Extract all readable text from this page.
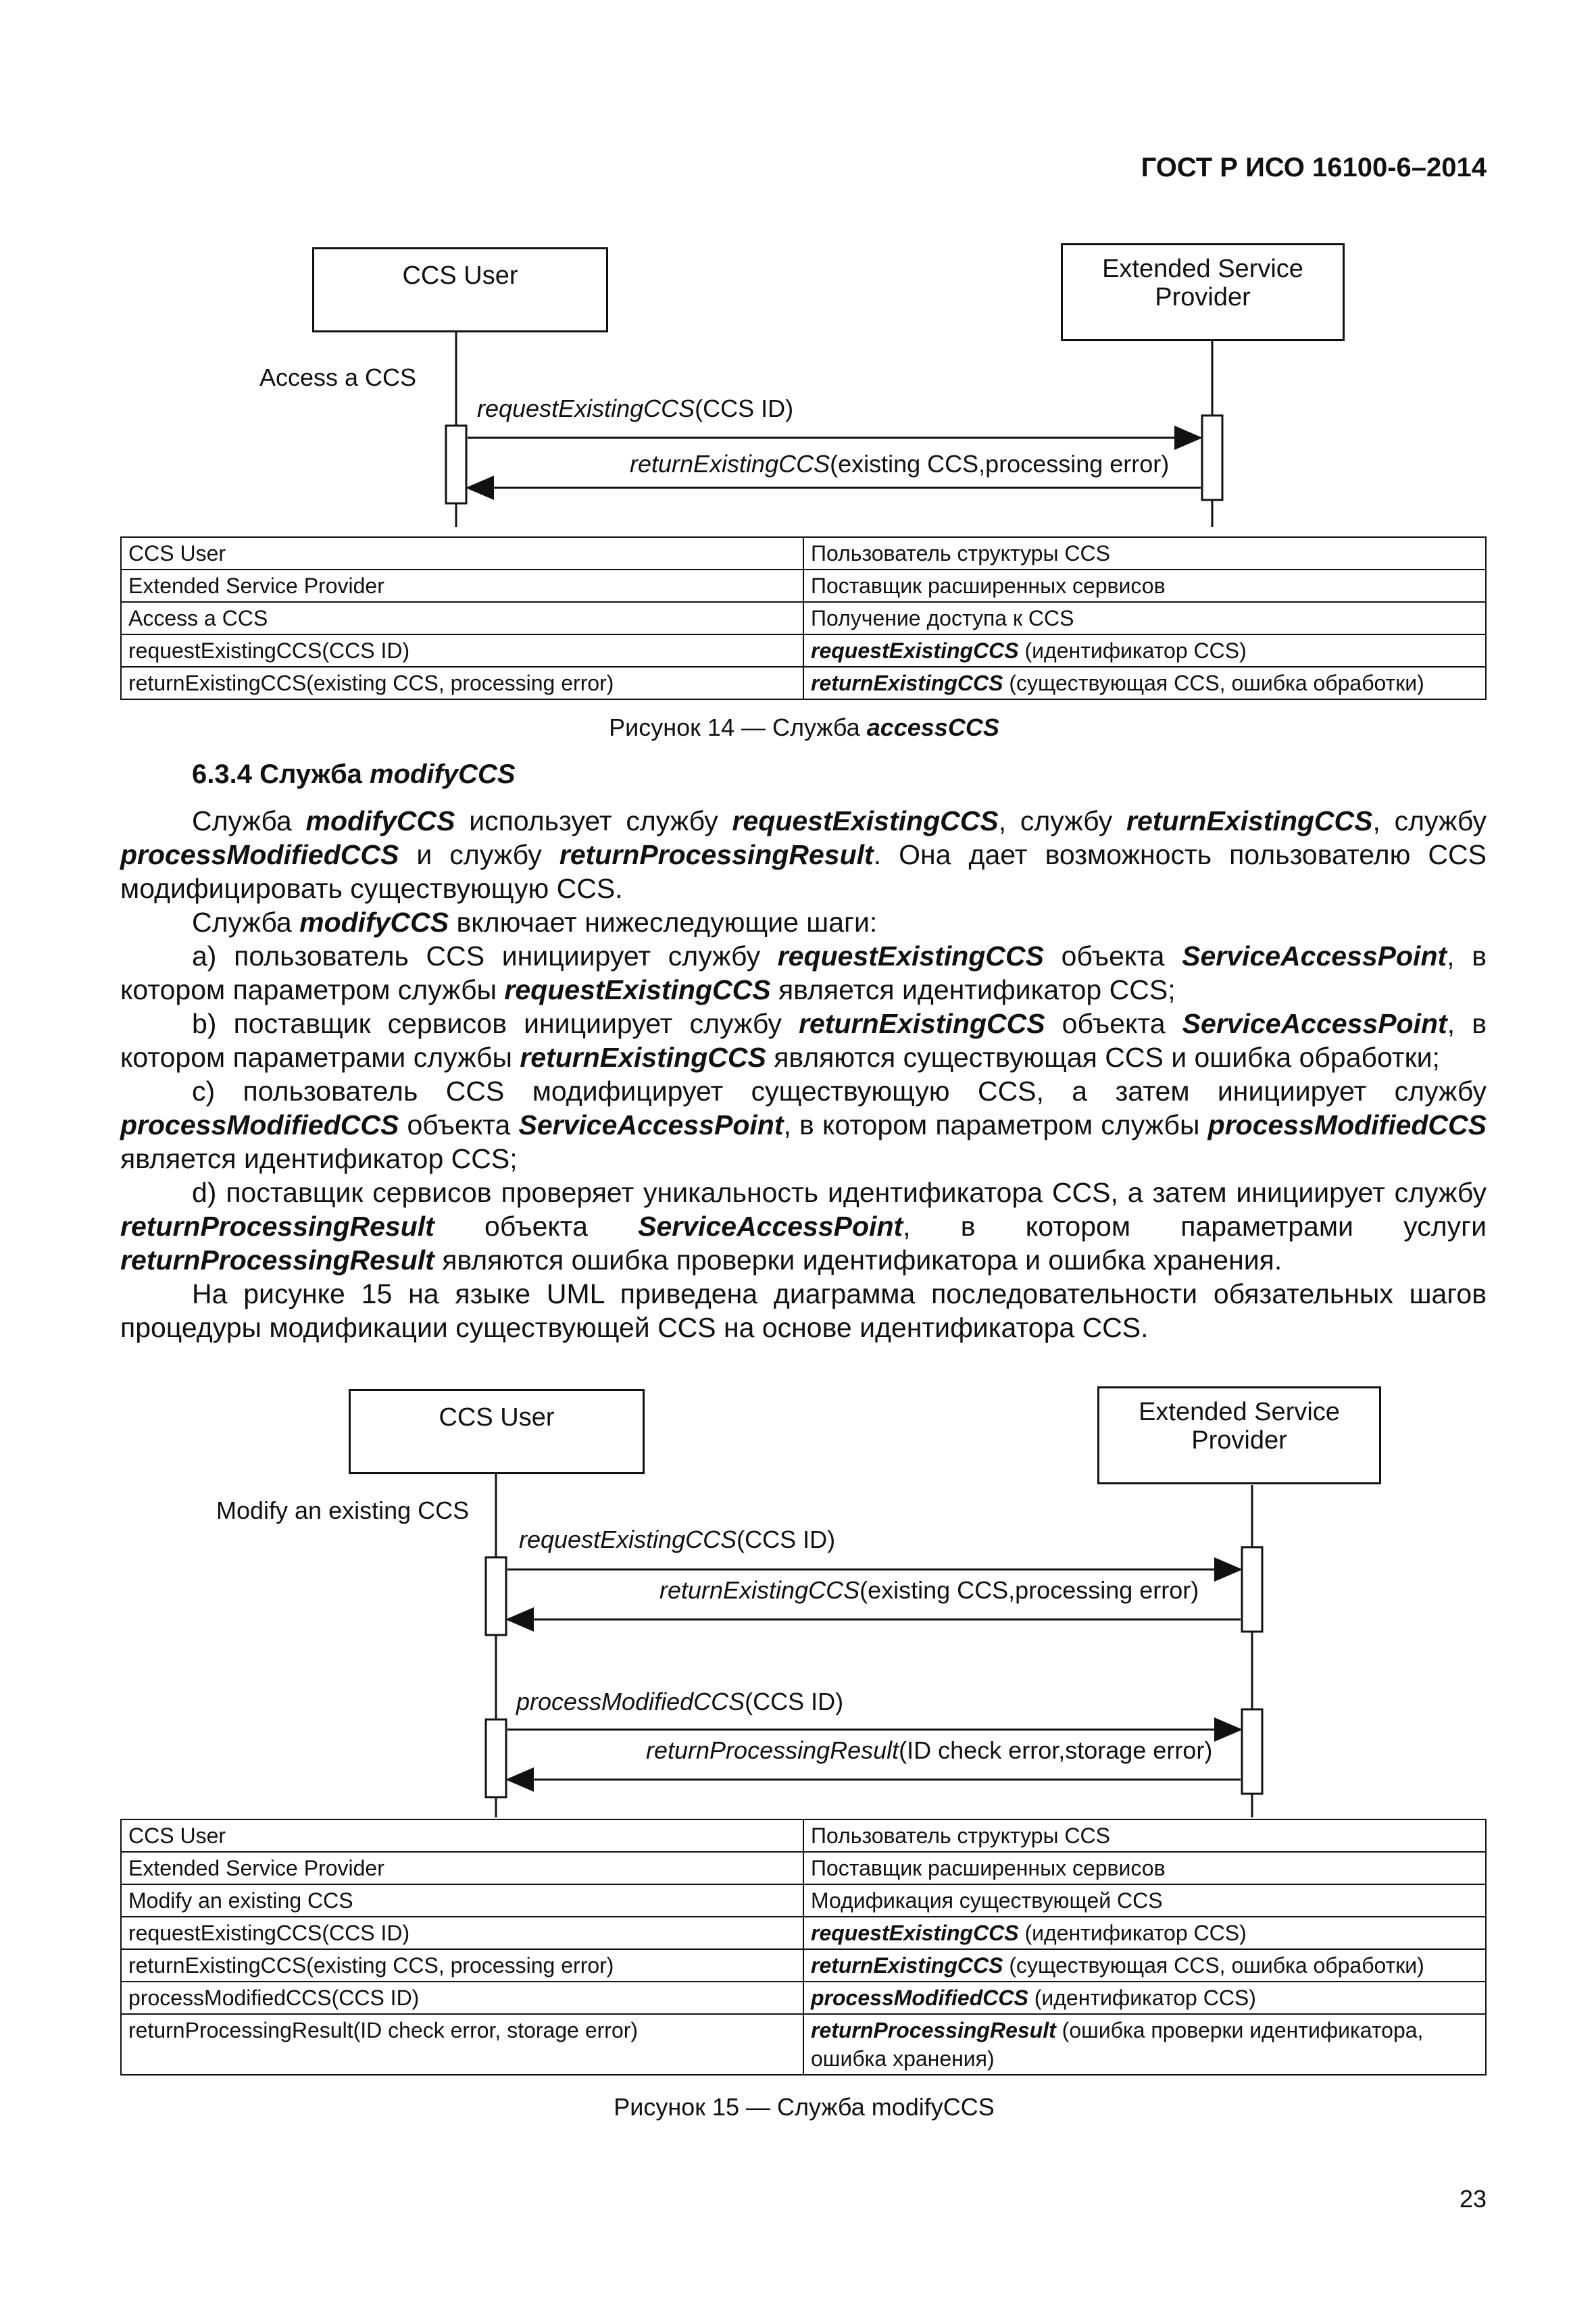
ГОСТ Р ИСО 16100-6–2014
CCS User	Extended Service Provider
Access a CCS
requestExistingCCS(CCS ID)
returnExistingCCS(existing CCS,processing error)
CCS User	Пользователь структуры CCS
Extended Service Provider	Поставщик расширенных сервисов
Access a CCS	Получение доступа к CCS
requestExistingCCS(CCS ID)	requestExistingCCS (идентификатор CCS)
returnExistingCCS(existing CCS, processing error)	returnExistingCCS (существующая CCS, ошибка обработки)
Рисунок 14 — Служба accessCCS
6.3.4 Служба modifyCCS
Служба modifyCCS использует службу requestExistingCCS, службу returnExistingCCS, службу processModifiedCCS и службу returnProcessingResult. Она дает возможность пользователю CCS модифицировать существующую CCS.
Служба modifyCCS включает нижеследующие шаги:
a) пользователь CCS инициирует службу requestExistingCCS объекта ServiceAccessPoint, в котором параметром службы requestExistingCCS является идентификатор CCS;
b) поставщик сервисов инициирует службу returnExistingCCS объекта ServiceAccessPoint, в котором параметрами службы returnExistingCCS являются существующая CCS и ошибка обработки;
c) пользователь CCS модифицирует существующую CCS, а затем инициирует службу processModifiedCCS объекта ServiceAccessPoint, в котором параметром службы processModifiedCCS является идентификатор CCS;
d) поставщик сервисов проверяет уникальность идентификатора CCS, а затем инициирует службу returnProcessingResult объекта ServiceAccessPoint, в котором параметрами услуги returnProcessingResult являются ошибка проверки идентификатора и ошибка хранения.
На рисунке 15 на языке UML приведена диаграмма последовательности обязательных шагов процедуры модификации существующей CCS на основе идентификатора CCS.
CCS User	Extended Service Provider
Modify an existing CCS
requestExistingCCS(CCS ID)
returnExistingCCS(existing CCS,processing error)
processModifiedCCS(CCS ID)
returnProcessingResult(ID check error,storage error)
CCS User	Пользователь структуры CCS
Extended Service Provider	Поставщик расширенных сервисов
Modify an existing CCS	Модификация существующей CCS
requestExistingCCS(CCS ID)	requestExistingCCS (идентификатор CCS)
returnExistingCCS(existing CCS, processing error)	returnExistingCCS (существующая CCS, ошибка обработки)
processModifiedCCS(CCS ID)	processModifiedCCS (идентификатор CCS)
returnProcessingResult(ID check error, storage error)	returnProcessingResult (ошибка проверки идентификатора, ошибка хранения)
Рисунок 15 — Служба modifyCCS
23
